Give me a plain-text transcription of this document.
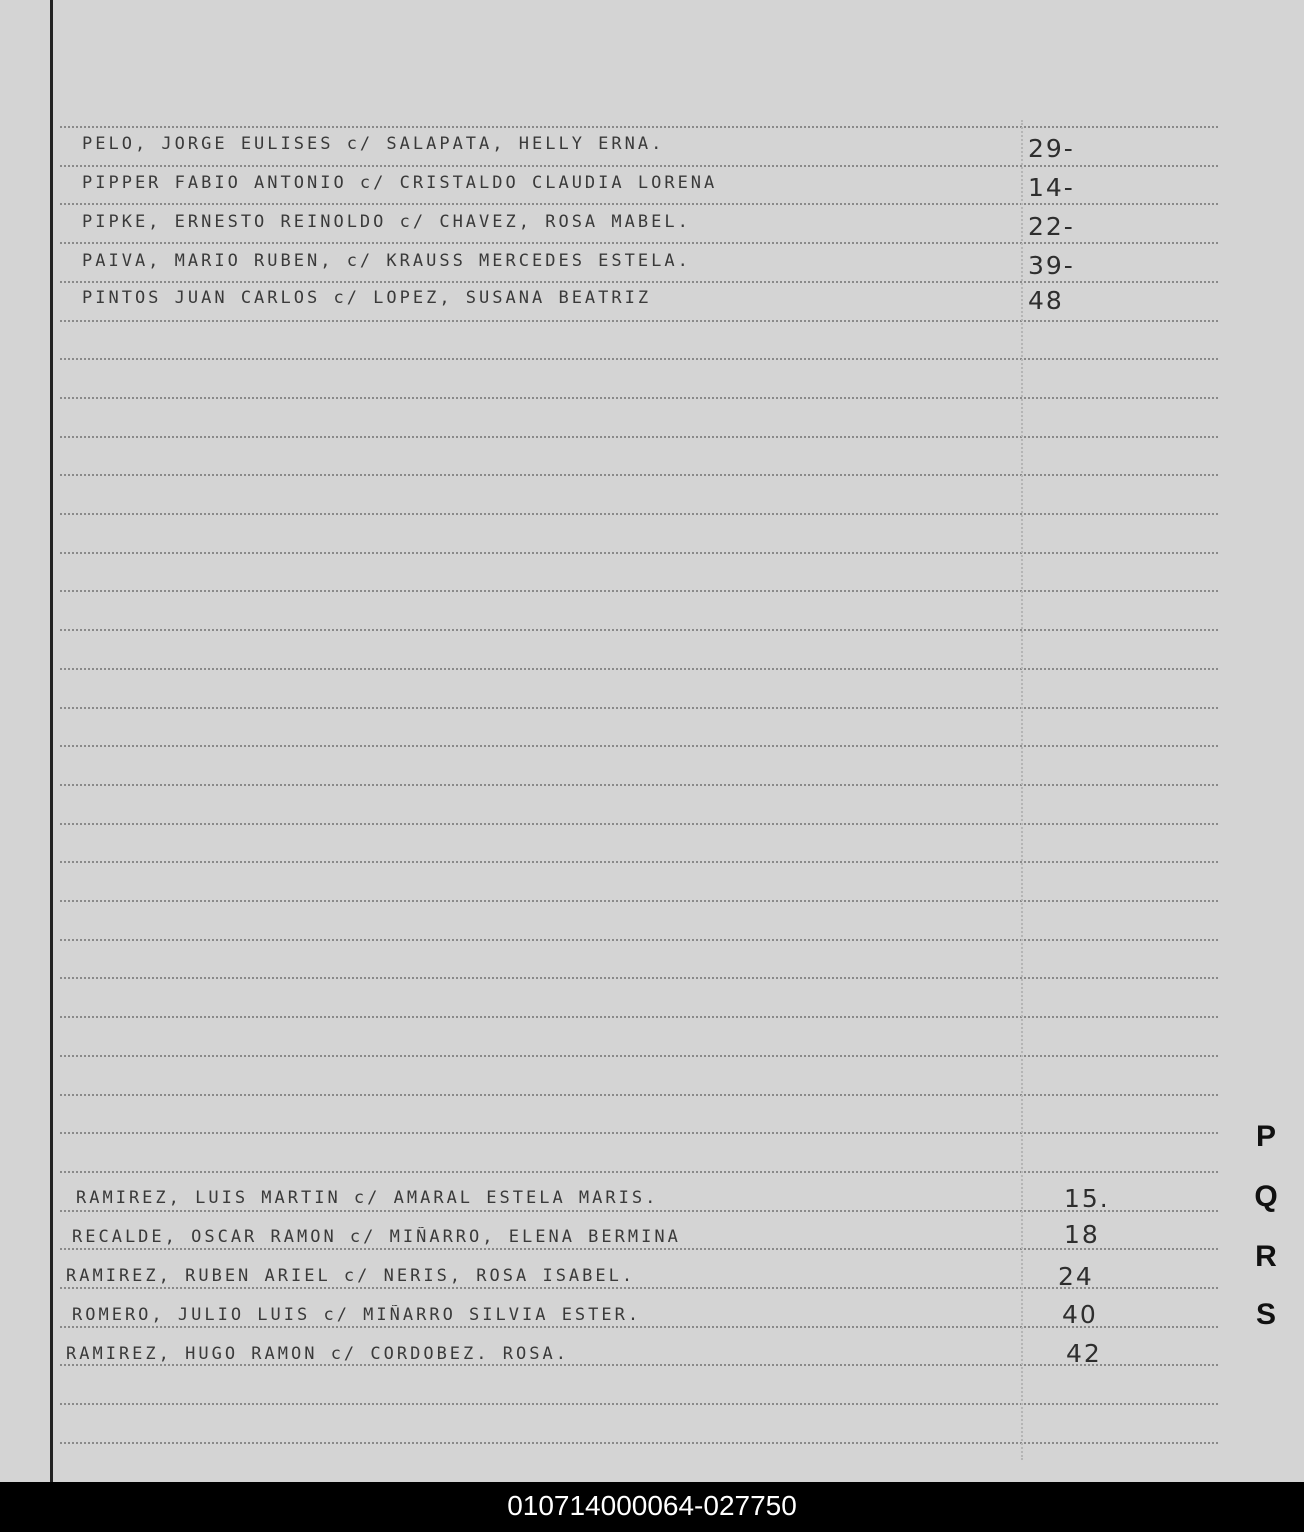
PELO, JORGE EULISES c/ SALAPATA, HELLY ERNA.	29-
PIPPER FABIO ANTONIO c/ CRISTALDO CLAUDIA LORENA	14-
PIPKE, ERNESTO REINOLDO c/ CHAVEZ, ROSA MABEL.	22-
PAIVA, MARIO RUBEN, c/ KRAUSS MERCEDES ESTELA.	39-
PINTOS JUAN CARLOS c/ LOPEZ, SUSANA BEATRIZ	48
RAMIREZ, LUIS MARTIN c/ AMARAL ESTELA MARIS.	15.
RECALDE, OSCAR RAMON c/ MIÑARRO, ELENA BERMINA	18
RAMIREZ, RUBEN ARIEL c/ NERIS, ROSA ISABEL.	24
ROMERO, JULIO LUIS c/ MIÑARRO SILVIA ESTER.	40
RAMIREZ, HUGO RAMON c/ CORDOBEZ. ROSA.	42
P
Q
R
S
010714000064-027750
